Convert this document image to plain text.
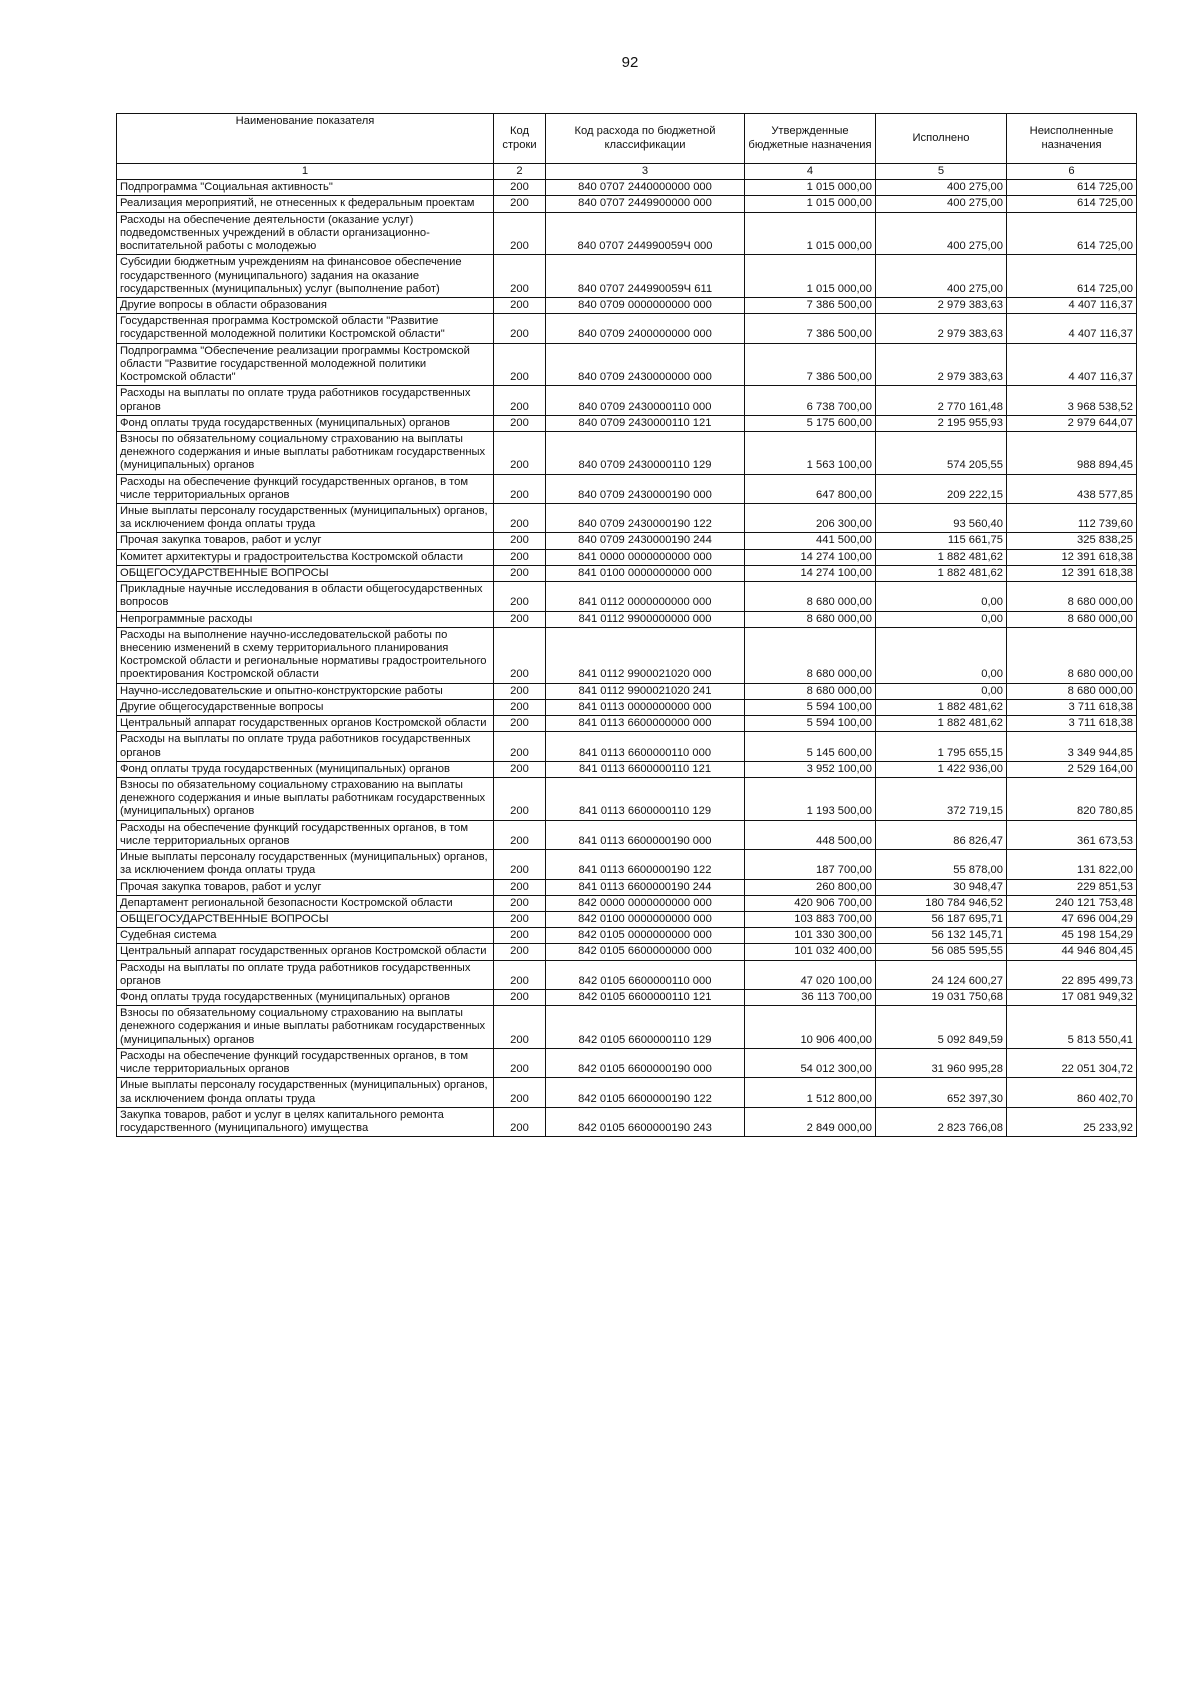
92
Наименование показателя	Код строки	Код расхода по бюджетной классификации	Утвержденные бюджетные назначения	Исполнено	Неисполненные назначения
1	2	3	4	5	6
Подпрограмма "Социальная активность"	200	840 0707 2440000000 000	1 015 000,00	400 275,00	614 725,00
Реализация мероприятий, не отнесенных к федеральным проектам	200	840 0707 2449900000 000	1 015 000,00	400 275,00	614 725,00
Расходы на обеспечение деятельности (оказание услуг) подведомственных учреждений в области организационно-воспитательной работы с молодежью	200	840 0707 244990059Ч 000	1 015 000,00	400 275,00	614 725,00
Субсидии бюджетным учреждениям на финансовое обеспечение государственного (муниципального) задания на оказание государственных (муниципальных) услуг (выполнение работ)	200	840 0707 244990059Ч 611	1 015 000,00	400 275,00	614 725,00
Другие вопросы в области образования	200	840 0709 0000000000 000	7 386 500,00	2 979 383,63	4 407 116,37
Государственная программа Костромской области "Развитие государственной молодежной политики Костромской области"	200	840 0709 2400000000 000	7 386 500,00	2 979 383,63	4 407 116,37
Подпрограмма "Обеспечение реализации программы Костромской области "Развитие государственной молодежной политики Костромской области"	200	840 0709 2430000000 000	7 386 500,00	2 979 383,63	4 407 116,37
Расходы на выплаты по оплате труда работников государственных органов	200	840 0709 2430000110 000	6 738 700,00	2 770 161,48	3 968 538,52
Фонд оплаты труда государственных (муниципальных) органов	200	840 0709 2430000110 121	5 175 600,00	2 195 955,93	2 979 644,07
Взносы по обязательному социальному страхованию на выплаты денежного содержания и иные выплаты работникам государственных (муниципальных) органов	200	840 0709 2430000110 129	1 563 100,00	574 205,55	988 894,45
Расходы на обеспечение функций государственных органов, в том числе территориальных органов	200	840 0709 2430000190 000	647 800,00	209 222,15	438 577,85
Иные выплаты персоналу государственных (муниципальных) органов, за исключением фонда оплаты труда	200	840 0709 2430000190 122	206 300,00	93 560,40	112 739,60
Прочая закупка товаров, работ и услуг	200	840 0709 2430000190 244	441 500,00	115 661,75	325 838,25
Комитет архитектуры и градостроительства Костромской области	200	841 0000 0000000000 000	14 274 100,00	1 882 481,62	12 391 618,38
ОБЩЕГОСУДАРСТВЕННЫЕ ВОПРОСЫ	200	841 0100 0000000000 000	14 274 100,00	1 882 481,62	12 391 618,38
Прикладные научные исследования в области общегосударственных вопросов	200	841 0112 0000000000 000	8 680 000,00	0,00	8 680 000,00
Непрограммные расходы	200	841 0112 9900000000 000	8 680 000,00	0,00	8 680 000,00
Расходы на выполнение научно-исследовательской работы по внесению изменений в схему территориального планирования Костромской области и региональные нормативы градостроительного проектирования Костромской области	200	841 0112 9900021020 000	8 680 000,00	0,00	8 680 000,00
Научно-исследовательские и опытно-конструкторские работы	200	841 0112 9900021020 241	8 680 000,00	0,00	8 680 000,00
Другие общегосударственные вопросы	200	841 0113 0000000000 000	5 594 100,00	1 882 481,62	3 711 618,38
Центральный аппарат государственных органов Костромской области	200	841 0113 6600000000 000	5 594 100,00	1 882 481,62	3 711 618,38
Расходы на выплаты по оплате труда работников государственных органов	200	841 0113 6600000110 000	5 145 600,00	1 795 655,15	3 349 944,85
Фонд оплаты труда государственных (муниципальных) органов	200	841 0113 6600000110 121	3 952 100,00	1 422 936,00	2 529 164,00
Взносы по обязательному социальному страхованию на выплаты денежного содержания и иные выплаты работникам государственных (муниципальных) органов	200	841 0113 6600000110 129	1 193 500,00	372 719,15	820 780,85
Расходы на обеспечение функций государственных органов, в том числе территориальных органов	200	841 0113 6600000190 000	448 500,00	86 826,47	361 673,53
Иные выплаты персоналу государственных (муниципальных) органов, за исключением фонда оплаты труда	200	841 0113 6600000190 122	187 700,00	55 878,00	131 822,00
Прочая закупка товаров, работ и услуг	200	841 0113 6600000190 244	260 800,00	30 948,47	229 851,53
Департамент региональной безопасности Костромской области	200	842 0000 0000000000 000	420 906 700,00	180 784 946,52	240 121 753,48
ОБЩЕГОСУДАРСТВЕННЫЕ ВОПРОСЫ	200	842 0100 0000000000 000	103 883 700,00	56 187 695,71	47 696 004,29
Судебная система	200	842 0105 0000000000 000	101 330 300,00	56 132 145,71	45 198 154,29
Центральный аппарат государственных органов Костромской области	200	842 0105 6600000000 000	101 032 400,00	56 085 595,55	44 946 804,45
Расходы на выплаты по оплате труда работников государственных органов	200	842 0105 6600000110 000	47 020 100,00	24 124 600,27	22 895 499,73
Фонд оплаты труда государственных (муниципальных) органов	200	842 0105 6600000110 121	36 113 700,00	19 031 750,68	17 081 949,32
Взносы по обязательному социальному страхованию на выплаты денежного содержания и иные выплаты работникам государственных (муниципальных) органов	200	842 0105 6600000110 129	10 906 400,00	5 092 849,59	5 813 550,41
Расходы на обеспечение функций государственных органов, в том числе территориальных органов	200	842 0105 6600000190 000	54 012 300,00	31 960 995,28	22 051 304,72
Иные выплаты персоналу государственных (муниципальных) органов, за исключением фонда оплаты труда	200	842 0105 6600000190 122	1 512 800,00	652 397,30	860 402,70
Закупка товаров, работ и услуг в целях капитального ремонта государственного (муниципального) имущества	200	842 0105 6600000190 243	2 849 000,00	2 823 766,08	25 233,92
